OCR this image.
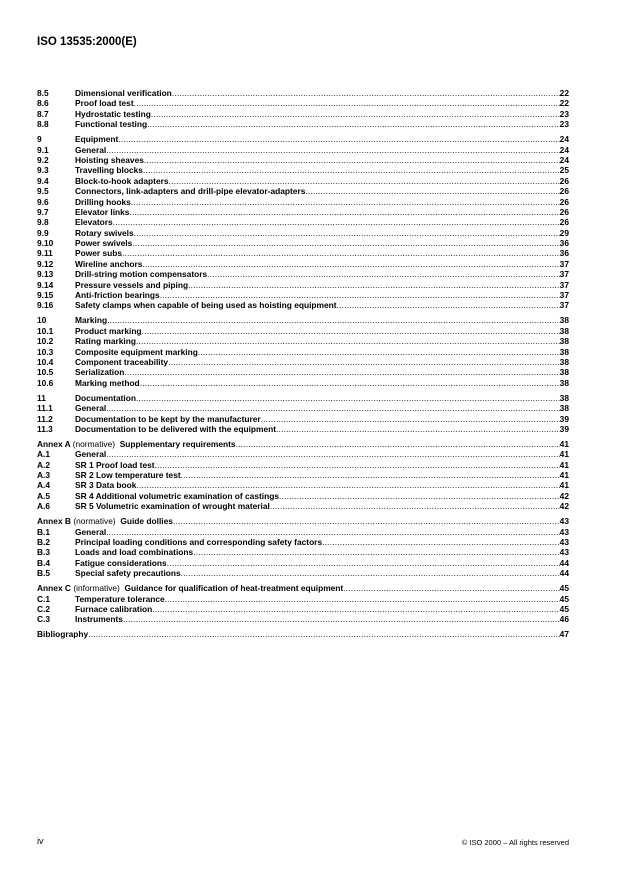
ISO 13535:2000(E)
8.5	Dimensional verification .....	22
8.6	Proof load test .....	22
8.7	Hydrostatic testing .....	23
8.8	Functional testing .....	23
9	Equipment .....	24
9.1	General .....	24
9.2	Hoisting sheaves .....	24
9.3	Travelling blocks .....	25
9.4	Block-to-hook adapters .....	26
9.5	Connectors, link-adapters and drill-pipe elevator-adapters .....	26
9.6	Drilling hooks .....	26
9.7	Elevator links .....	26
9.8	Elevators .....	26
9.9	Rotary swivels .....	29
9.10	Power swivels .....	36
9.11	Power subs .....	36
9.12	Wireline anchors .....	37
9.13	Drill-string motion compensators .....	37
9.14	Pressure vessels and piping .....	37
9.15	Anti-friction bearings .....	37
9.16	Safety clamps when capable of being used as hoisting equipment .....	37
10	Marking .....	38
10.1	Product marking .....	38
10.2	Rating marking .....	38
10.3	Composite equipment marking .....	38
10.4	Component traceability .....	38
10.5	Serialization .....	38
10.6	Marking method .....	38
11	Documentation .....	38
11.1	General .....	38
11.2	Documentation to be kept by the manufacturer .....	39
11.3	Documentation to be delivered with the equipment .....	39
Annex A (normative) Supplementary requirements .....	41
A.1	General .....	41
A.2	SR 1 Proof load test .....	41
A.3	SR 2 Low temperature test .....	41
A.4	SR 3 Data book .....	41
A.5	SR 4 Additional volumetric examination of castings .....	42
A.6	SR 5 Volumetric examination of wrought material .....	42
Annex B (normative) Guide dollies .....	43
B.1	General .....	43
B.2	Principal loading conditions and corresponding safety factors .....	43
B.3	Loads and load combinations .....	43
B.4	Fatigue considerations .....	44
B.5	Special safety precautions .....	44
Annex C (informative) Guidance for qualification of heat-treatment equipment .....	45
C.1	Temperature tolerance .....	45
C.2	Furnace calibration .....	45
C.3	Instruments .....	46
Bibliography .....	47
iv	© ISO 2000 – All rights reserved
